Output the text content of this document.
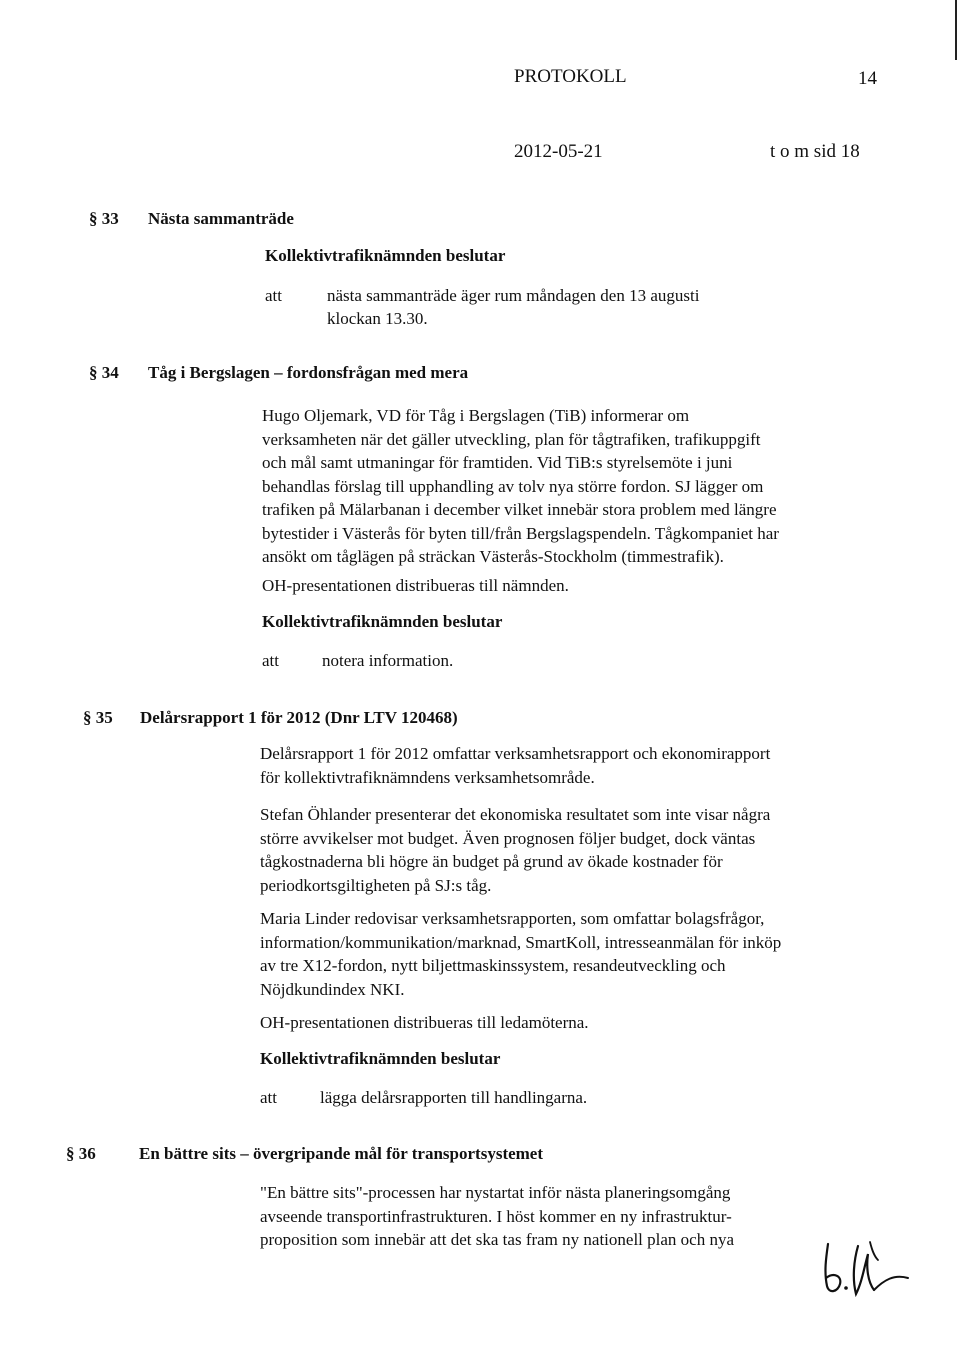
PROTOKOLL	14
2012-05-21	t o m sid 18
§ 33 Nästa sammanträde
Kollektivtrafiknämnden beslutar
att	nästa sammanträde äger rum måndagen den 13 augusti
klockan 13.30.
§ 34 Tåg i Bergslagen – fordonsfrågan med mera
Hugo Oljemark, VD för Tåg i Bergslagen (TiB) informerar om
verksamheten när det gäller utveckling, plan för tågtrafiken, trafikuppgift
och mål samt utmaningar för framtiden. Vid TiB:s styrelsemöte i juni
behandlas förslag till upphandling av tolv nya större fordon. SJ lägger om
trafiken på Mälarbanan i december vilket innebär stora problem med längre
bytestider i Västerås för byten till/från Bergslagspendeln. Tågkompaniet har
ansökt om tåglägen på sträckan Västerås-Stockholm (timmestrafik).
OH-presentationen distribueras till nämnden.
Kollektivtrafiknämnden beslutar
att	notera information.
§ 35 Delårsrapport 1 för 2012 (Dnr LTV 120468)
Delårsrapport 1 för 2012 omfattar verksamhetsrapport och ekonomirapport
för kollektivtrafiknämndens verksamhetsområde.
Stefan Öhlander presenterar det ekonomiska resultatet som inte visar några
större avvikelser mot budget. Även prognosen följer budget, dock väntas
tågkostnaderna bli högre än budget på grund av ökade kostnader för
periodkortsgiltigheten på SJ:s tåg.
Maria Linder redovisar verksamhetsrapporten, som omfattar bolagsfrågor,
information/kommunikation/marknad, SmartKoll, intresseanmälan för inköp
av tre X12-fordon, nytt biljettmaskinssystem, resandeutveckling och
Nöjdkundindex NKI.
OH-presentationen distribueras till ledamöterna.
Kollektivtrafiknämnden beslutar
att	lägga delårsrapporten till handlingarna.
§ 36	En bättre sits – övergripande mål för transportsystemet
"En bättre sits"-processen har nystartat inför nästa planeringsomgång
avseende transportinfrastrukturen. I höst kommer en ny infrastruktur-
proposition som innebär att det ska tas fram ny nationell plan och nya
